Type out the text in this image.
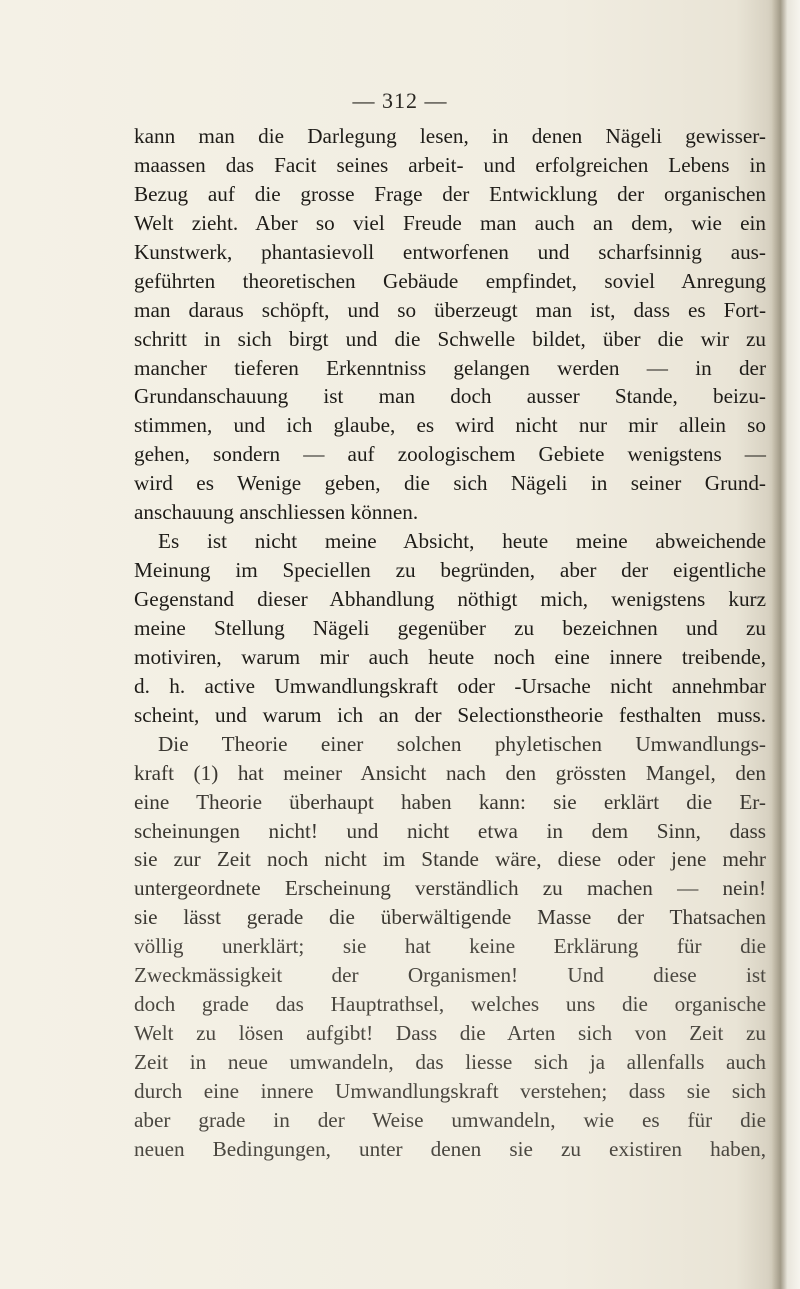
— 312 —
kann man die Darlegung lesen, in denen Nägeli gewisser-
maassen das Facit seines arbeit- und erfolgreichen Lebens in
Bezug auf die grosse Frage der Entwicklung der organischen
Welt zieht. Aber so viel Freude man auch an dem, wie ein
Kunstwerk, phantasievoll entworfenen und scharfsinnig aus-
geführten theoretischen Gebäude empfindet, soviel Anregung
man daraus schöpft, und so überzeugt man ist, dass es Fort-
schritt in sich birgt und die Schwelle bildet, über die wir zu
mancher tieferen Erkenntniss gelangen werden — in der
Grundanschauung ist man doch ausser Stande, beizu-
stimmen, und ich glaube, es wird nicht nur mir allein so
gehen, sondern — auf zoologischem Gebiete wenigstens —
wird es Wenige geben, die sich Nägeli in seiner Grund-
anschauung anschliessen können.
Es ist nicht meine Absicht, heute meine abweichende
Meinung im Speciellen zu begründen, aber der eigentliche
Gegenstand dieser Abhandlung nöthigt mich, wenigstens kurz
meine Stellung Nägeli gegenüber zu bezeichnen und zu
motiviren, warum mir auch heute noch eine innere treibende,
d. h. active Umwandlungskraft oder -Ursache nicht annehmbar
scheint, und warum ich an der Selectionstheorie festhalten muss.
Die Theorie einer solchen phyletischen Umwandlungs-
kraft (1) hat meiner Ansicht nach den grössten Mangel, den
eine Theorie überhaupt haben kann: sie erklärt die Er-
scheinungen nicht! und nicht etwa in dem Sinn, dass
sie zur Zeit noch nicht im Stande wäre, diese oder jene mehr
untergeordnete Erscheinung verständlich zu machen — nein!
sie lässt gerade die überwältigende Masse der Thatsachen
völlig unerklärt; sie hat keine Erklärung für die
Zweckmässigkeit der Organismen! Und diese ist
doch grade das Hauptrathsel, welches uns die organische
Welt zu lösen aufgibt! Dass die Arten sich von Zeit zu
Zeit in neue umwandeln, das liesse sich ja allenfalls auch
durch eine innere Umwandlungskraft verstehen; dass sie sich
aber grade in der Weise umwandeln, wie es für die
neuen Bedingungen, unter denen sie zu existiren haben,
